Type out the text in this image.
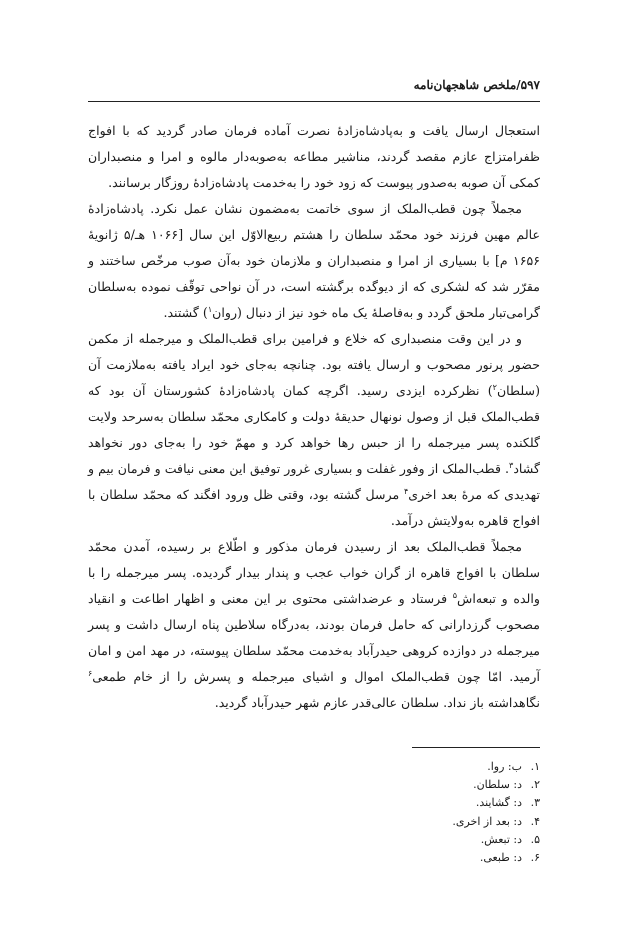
۵۹۷/ملخص شاهجهان‌نامه

استعجال ارسال یافت و به‌پادشاه‌زادهٔ نصرت آماده فرمان صادر گردید که با افواج ظفرامتزاج عازم مقصد گردند، مناشیر مطاعه به‌صوبه‌دار مالوه و امرا و منصبداران کمکی آن صوبه به‌صدور پیوست که زود خود را به‌خدمت پادشاه‌زادهٔ روزگار برسانند.

مجملاً چون قطب‌الملک از سوی خاتمت به‌مضمون نشان عمل نکرد. پادشاه‌زادهٔ عالم مهین فرزند خود محمّد سلطان را هشتم ربیع‌الاوّل این سال [۱۰۶۶ هـ/۵ ژانویهٔ ۱۶۵۶ م] با بسیاری از امرا و منصبداران و ملازمان خود به‌آن صوب مرخّص ساختند و مقرّر شد که لشکری که از دیوگده برگشته است، در آن نواحی توقّف نموده به‌سلطان گرامی‌تبار ملحق گردد و به‌فاصلهٔ یک ماه خود نیز از دنبال (روان$^۱$) گشتند.

و در این وقت منصبداری که خلاع و فرامین برای قطب‌الملک و میرجمله از مکمن حضور پرنور مصحوب و ارسال یافته بود. چنانچه به‌جای خود ایراد یافته به‌ملازمت آن (سلطان$^۲$) نظرکرده ایزدی رسید. اگرچه کمان پادشاه‌زادهٔ کشورستان آن بود که قطب‌الملک قبل از وصول نونهال حدیقهٔ دولت و کامکاری محمّد سلطان به‌سرحد ولایت گلکنده پسر میرجمله را از حبس رها خواهد کرد و مهمّ خود را به‌جای دور نخواهد گشاد$^۳$. قطب‌الملک از وفور غفلت و بسیاری غرور توفیق این معنی نیافت و فرمان بیم و تهدیدی که مرهٔ بعد اخری$^۴$ مرسل گشته بود، وقتی ظل ورود افگند که محمّد سلطان با افواج قاهره به‌ولایتش درآمد.

مجملاً قطب‌الملک بعد از رسیدن فرمان مذکور و اطّلاع بر رسیده، آمدن محمّد سلطان با افواج قاهره از گران خواب عجب و پندار بیدار گردیده. پسر میرجمله را با والده و تبعه‌اش$^۵$ فرستاد و عرضداشتی محتوی بر این معنی و اظهار اطاعت و انقیاد مصحوب گرزدارانی که حامل فرمان بودند، به‌درگاه سلاطین پناه ارسال داشت و پسر میرجمله در دوازده کروهی حیدرآباد به‌خدمت محمّد سلطان پیوسته، در مهد امن و امان آرمید. امّا چون قطب‌الملک اموال و اشیای میرجمله و پسرش را از خام طمعی$^۶$ نگاهداشته باز نداد. سلطان عالی‌قدر عازم شهر حیدرآباد گردید.

۱.ب: روا.
۲.د: سلطان.
۳.د: گشایند.
۴.د: بعد از اخری.
۵.د: تبعش.
۶.د: طبعی.
